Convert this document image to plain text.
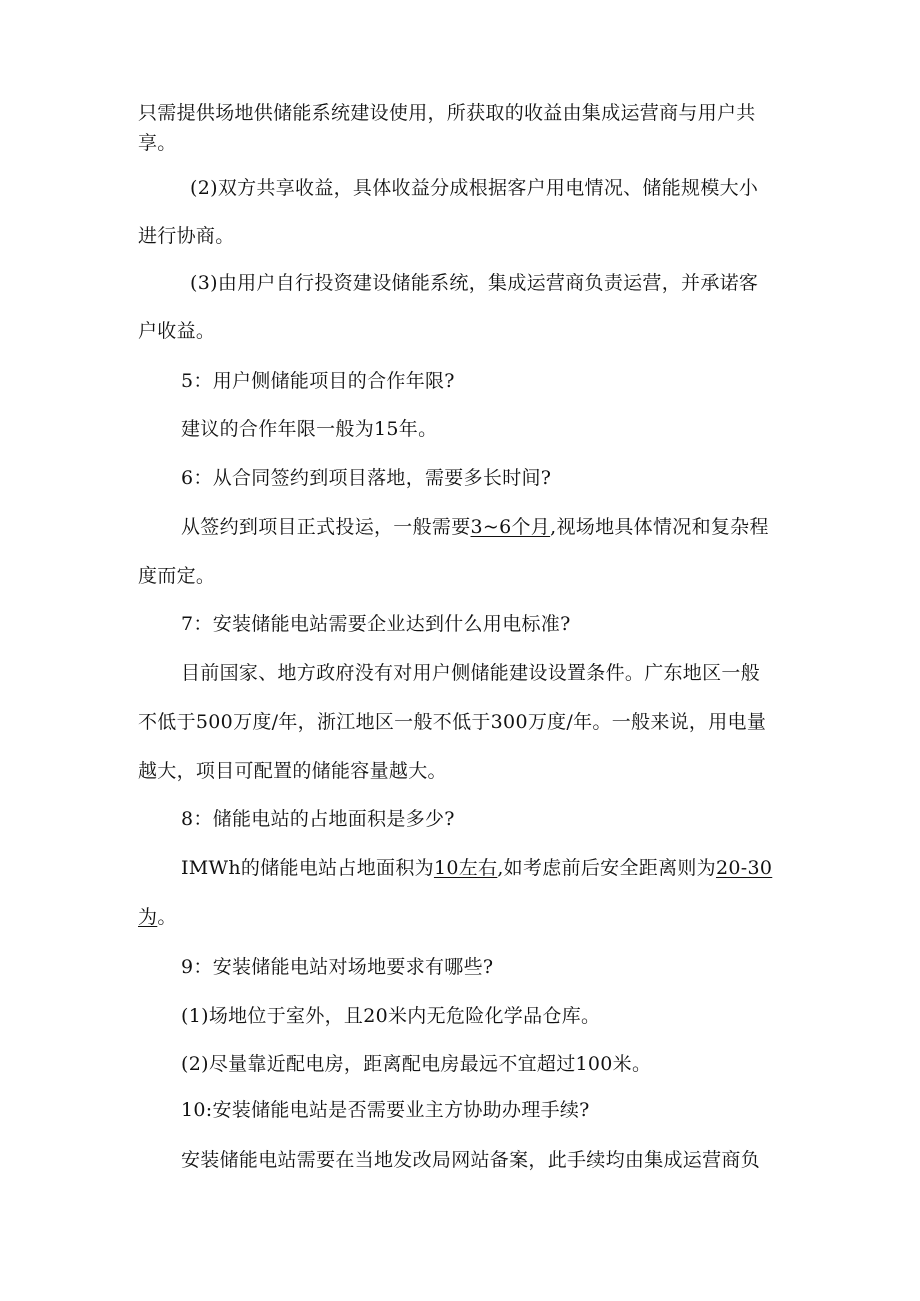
只需提供场地供储能系统建设使用，所获取的收益由集成运营商与用户共
享。
(2)双方共享收益，具体收益分成根据客户用电情况、储能规模大小
进行协商。
(3)由用户自行投资建设储能系统，集成运营商负责运营，并承诺客
户收益。
5：用户侧储能项目的合作年限?
建议的合作年限一般为15年。
6：从合同签约到项目落地，需要多长时间?
从签约到项目正式投运，一般需要3~6个月,视场地具体情况和复杂程
度而定。
7：安装储能电站需要企业达到什么用电标准?
目前国家、地方政府没有对用户侧储能建设设置条件。广东地区一般
不低于500万度/年，浙江地区一般不低于300万度/年。一般来说，用电量
越大，项目可配置的储能容量越大。
8：储能电站的占地面积是多少?
IMWh的储能电站占地面积为10左右,如考虑前后安全距离则为20-30
为。
9：安装储能电站对场地要求有哪些?
(1)场地位于室外，且20米内无危险化学品仓库。
(2)尽量靠近配电房，距离配电房最远不宜超过100米。
10:安装储能电站是否需要业主方协助办理手续?
安装储能电站需要在当地发改局网站备案，此手续均由集成运营商负
